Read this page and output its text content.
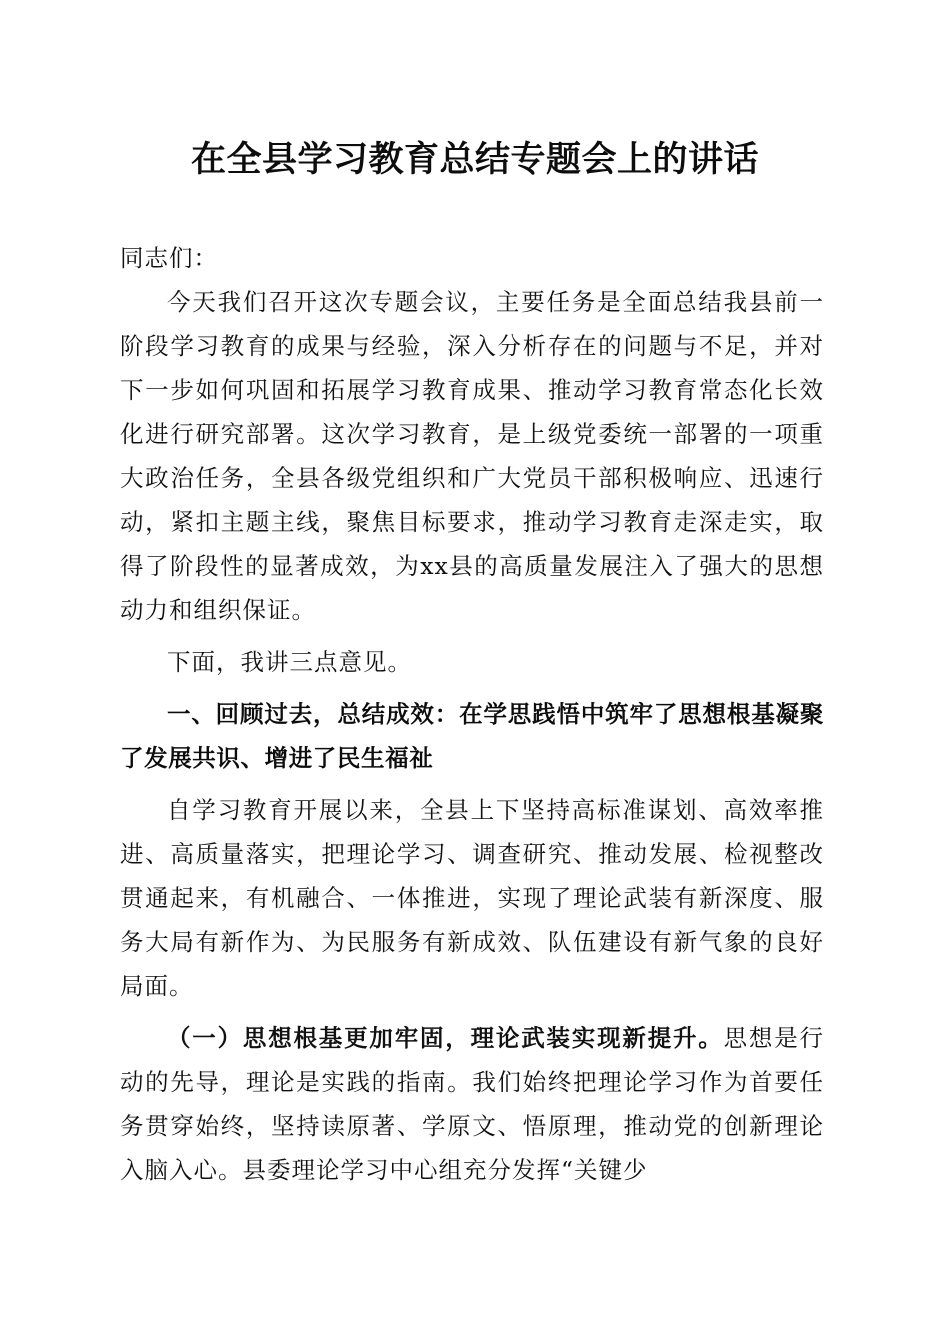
在全县学习教育总结专题会上的讲话

同志们：

今天我们召开这次专题会议，主要任务是全面总结我县前一阶段学习教育的成果与经验，深入分析存在的问题与不足，并对下一步如何巩固和拓展学习教育成果、推动学习教育常态化长效化进行研究部署。这次学习教育，是上级党委统一部署的一项重大政治任务，全县各级党组织和广大党员干部积极响应、迅速行动，紧扣主题主线，聚焦目标要求，推动学习教育走深走实，取得了阶段性的显著成效，为xx县的高质量发展注入了强大的思想动力和组织保证。

下面，我讲三点意见。

一、回顾过去，总结成效：在学思践悟中筑牢了思想根基凝聚了发展共识、增进了民生福祉

自学习教育开展以来，全县上下坚持高标准谋划、高效率推进、高质量落实，把理论学习、调查研究、推动发展、检视整改贯通起来，有机融合、一体推进，实现了理论武装有新深度、服务大局有新作为、为民服务有新成效、队伍建设有新气象的良好局面。

（一）思想根基更加牢固，理论武装实现新提升。思想是行动的先导，理论是实践的指南。我们始终把理论学习作为首要任务贯穿始终，坚持读原著、学原文、悟原理，推动党的创新理论入脑入心。县委理论学习中心组充分发挥“关键少
